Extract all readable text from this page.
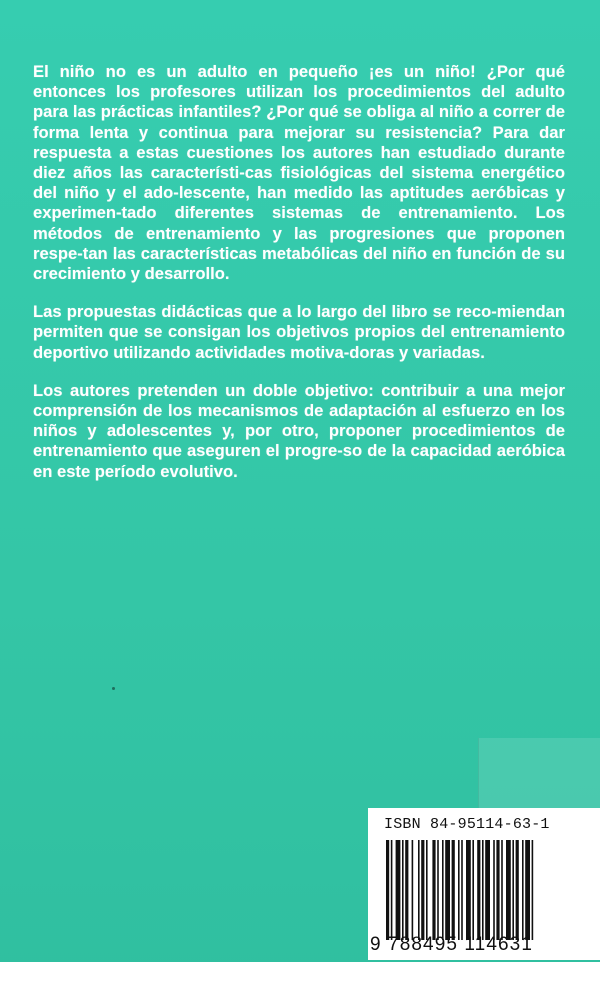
El niño no es un adulto en pequeño ¡es un niño! ¿Por qué entonces los profesores utilizan los procedimientos del adulto para las prácticas infantiles? ¿Por qué se obliga al niño a correr de forma lenta y continua para mejorar su resistencia? Para dar respuesta a estas cuestiones los autores han estudiado durante diez años las característi-cas fisiológicas del sistema energético del niño y el ado-lescente, han medido las aptitudes aeróbicas y experimen-tado diferentes sistemas de entrenamiento. Los métodos de entrenamiento y las progresiones que proponen respe-tan las características metabólicas del niño en función de su crecimiento y desarrollo.

Las propuestas didácticas que a lo largo del libro se reco-miendan permiten que se consigan los objetivos propios del entrenamiento deportivo utilizando actividades motiva-doras y variadas.

Los autores pretenden un doble objetivo: contribuir a una mejor comprensión de los mecanismos de adaptación al esfuerzo en los niños y adolescentes y, por otro, proponer procedimientos de entrenamiento que aseguren el progre-so de la capacidad aeróbica en este período evolutivo.

ISBN 84-95114-63-1
9 788495 114631
